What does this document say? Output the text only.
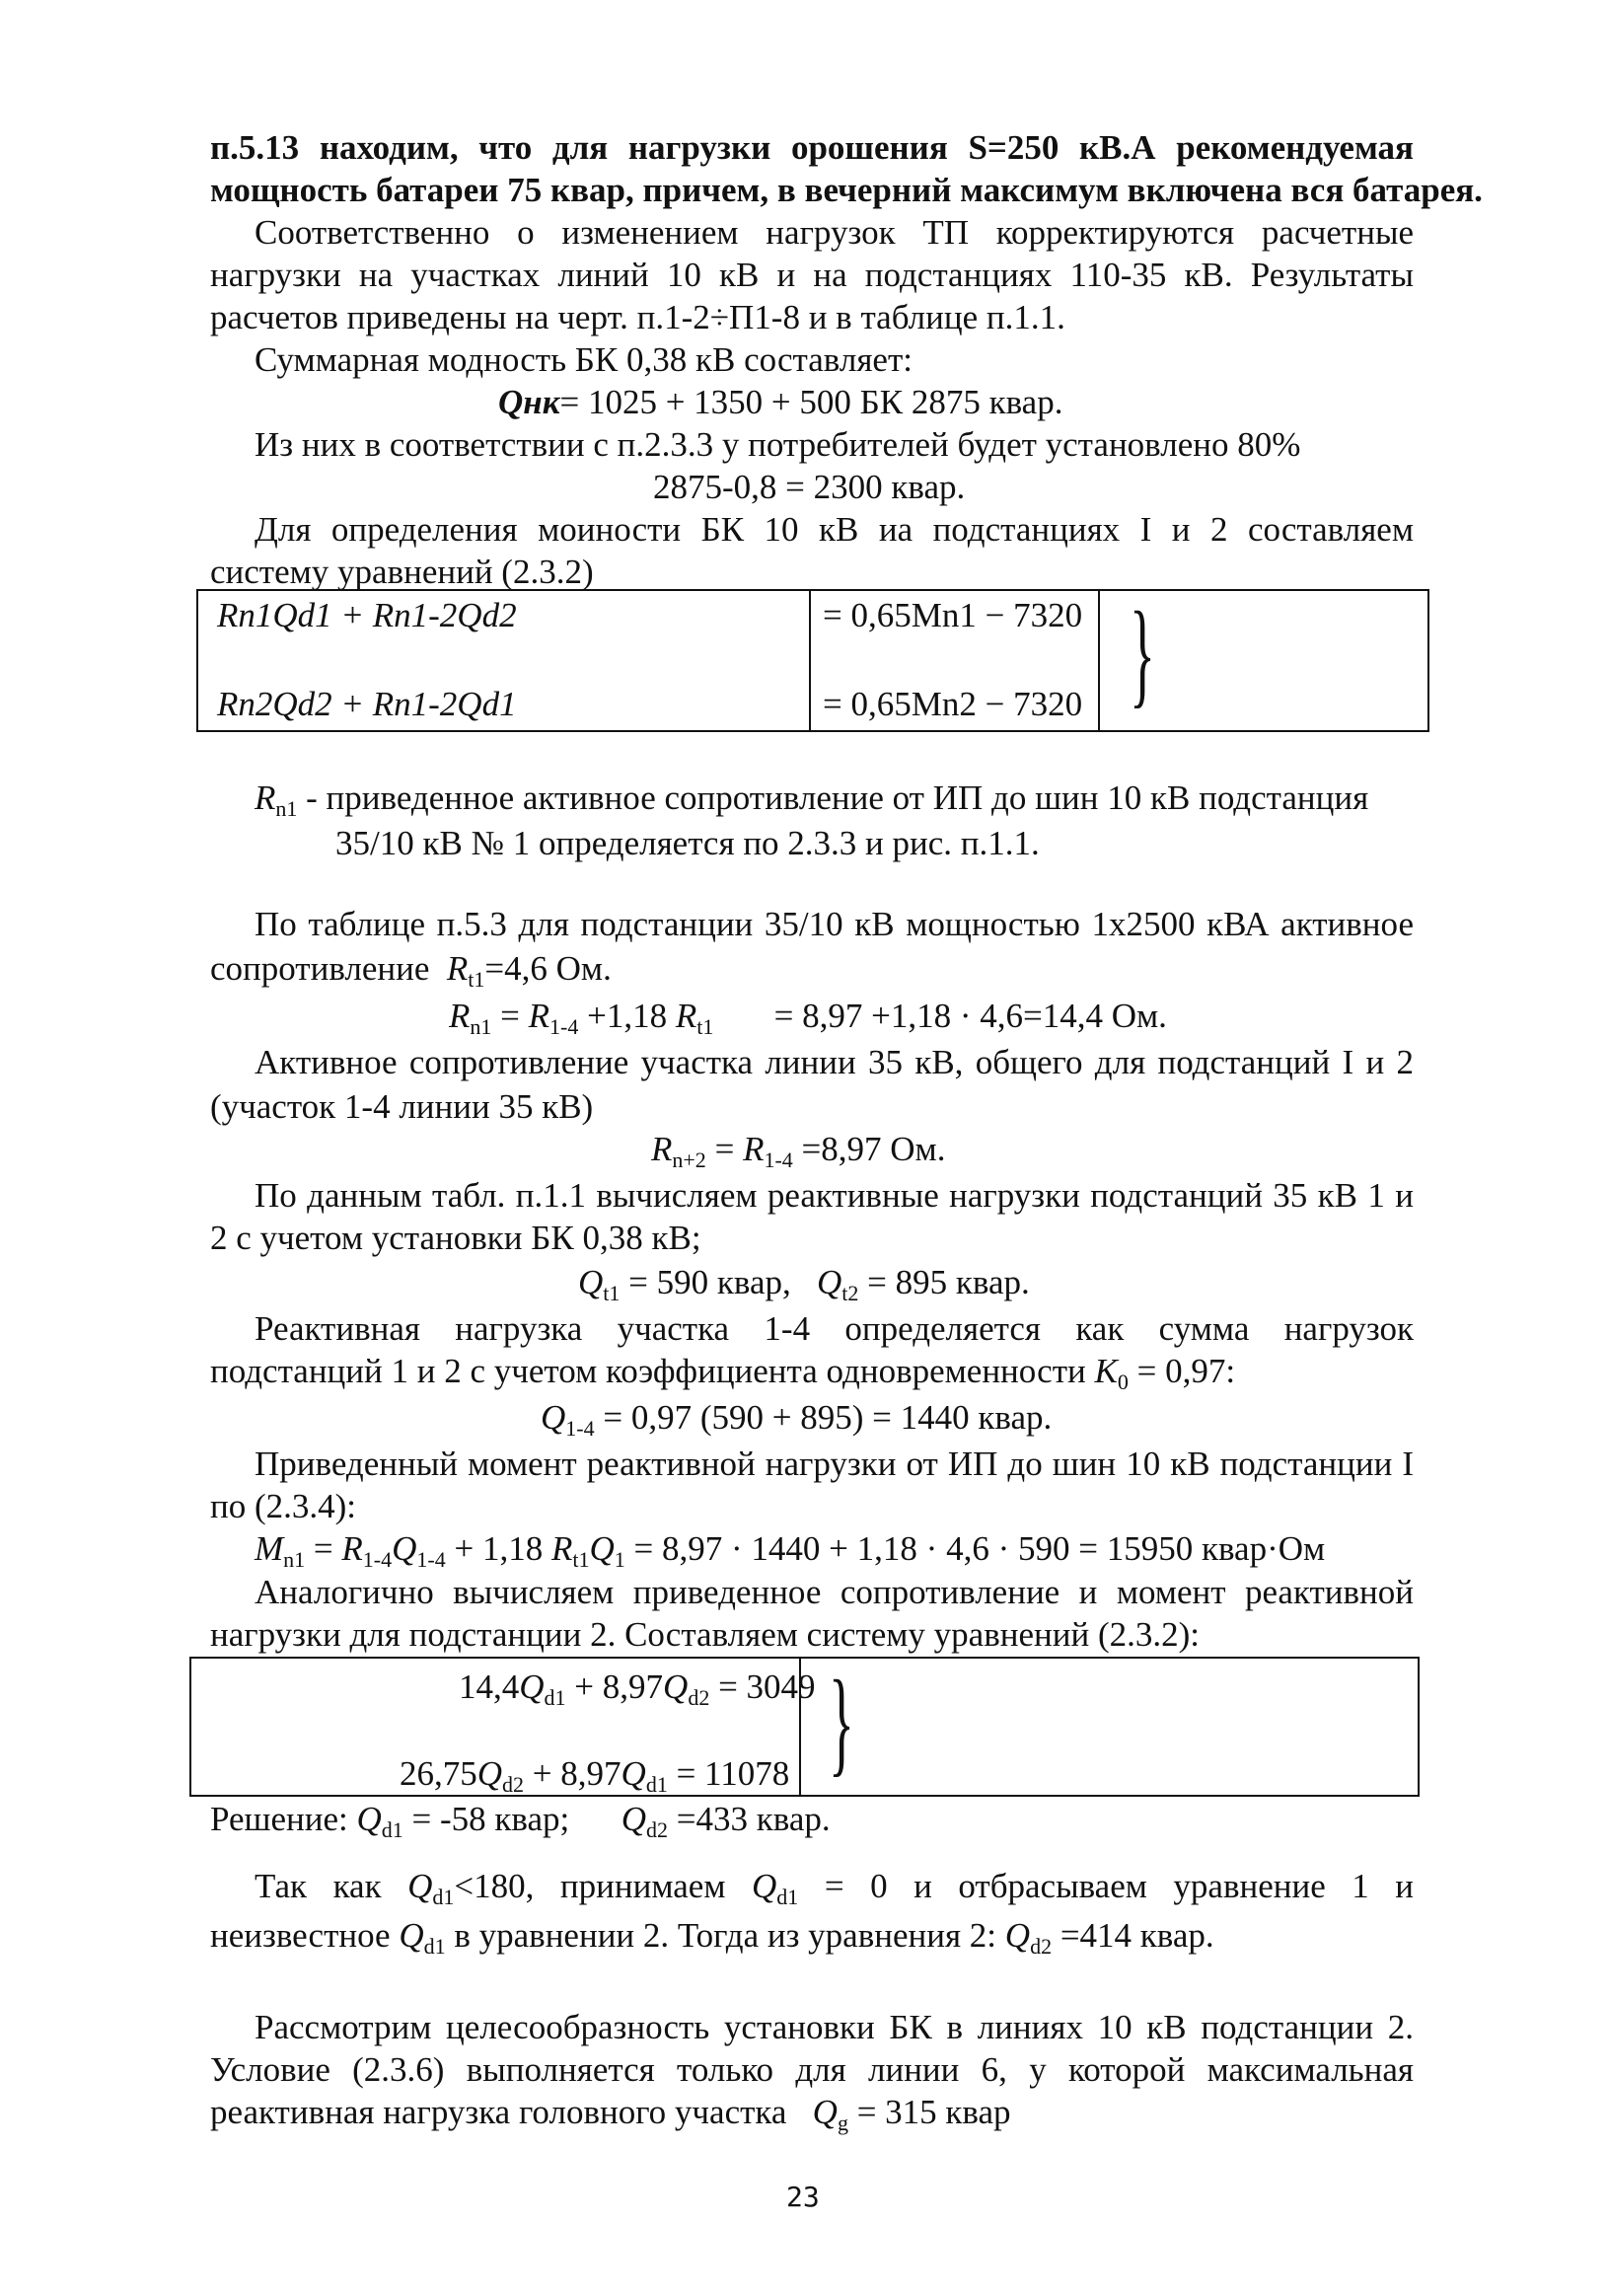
п.5.13 находим, что для нагрузки орошения S=250 кВ.А рекомендуемая
мощность батареи 75 квар, причем, в вечерний максимум включена вся батарея.
Соответственно о изменением нагрузок ТП корректируются расчетные
нагрузки на участках линий 10 кВ и на подстанциях 110-35 кВ. Результаты
расчетов приведены на черт. п.1-2÷П1-8 и в таблице п.1.1.
Суммарная модность БК 0,38 кВ составляет:
Qнк= 1025 + 1350 + 500 БК 2875 квар.
Из них в соответствии с п.2.3.3 у потребителей будет установлено 80%
2875-0,8 = 2300 квар.
Для определения моиности БК 10 кВ иа подстанциях I и 2 составляем
систему уравнений (2.3.2)
Rn1Qd1 + Rn1-2Qd2	= 0,65Mn1 − 7320
Rn2Qd2 + Rn1-2Qd1	= 0,65Mn2 − 7320 }
$R_{n1}$ - приведенное активное сопротивление от ИП до шин 10 кВ подстанция
35/10 кВ № 1 определяется по 2.3.3 и рис. п.1.1.
По таблице п.5.3 для подстанции 35/10 кВ мощностью 1х2500 кВА активное
сопротивление $R_{t1}=4,6$ Ом.
$R_{n1} = R_{1-4} +1,18$ $R_{t1} = 8,97 +1,18 \cdot 4,6=14,4$ Ом.
Активное сопротивление участка линии 35 кВ, общего для подстанций I и 2
(участок 1-4 линии 35 кВ)
$R_{n+2} = R_{1-4} =8,97$ Ом.
По данным табл. п.1.1 вычисляем реактивные нагрузки подстанций 35 кВ 1 и
2 с учетом установки БК 0,38 кВ;
$Q_{t1} = 590$ квар, $Q_{t2} = 895$ квар.
Реактивная нагрузка участка 1-4 определяется как сумма нагрузок
подстанций 1 и 2 с учетом коэффициента одновременности $K_0 = 0,97$:
$Q_{1-4} = 0,97$ (590 + 895) = 1440 квар.
Приведенный момент реактивной нагрузки от ИП до шин 10 кВ подстанции I
по (2.3.4):
$M_{n1} = R_{1-4}Q_{1-4} + 1,18$ $R_{t1}Q_1 = 8,97 \cdot 1440 + 1,18 \cdot 4,6 \cdot 590 = 15950$ квар·Ом
Аналогично вычисляем приведенное сопротивление и момент реактивной
нагрузки для подстанции 2. Составляем систему уравнений (2.3.2):
$14,4Q_{d1} + 8,97Q_{d2} = 3049$
$26,75Q_{d2} + 8,97Q_{d1} = 11078$ }
Решение: $Q_{d1} = -58$ квар; $Q_{d2} =433$ квар.
Так как $Q_{d1}<180$, принимаем $Q_{d1} = 0$ и отбрасываем уравнение 1 и
неизвестное $Q_{d1}$ в уравнении 2. Тогда из уравнения 2: $Q_{d2} =414$ квар.
Рассмотрим целесообразность установки БК в линиях 10 кВ подстанции 2.
Условие (2.3.6) выполняется только для линии 6, у которой максимальная
реактивная нагрузка головного участка $Q_g = 315$ квар
23
